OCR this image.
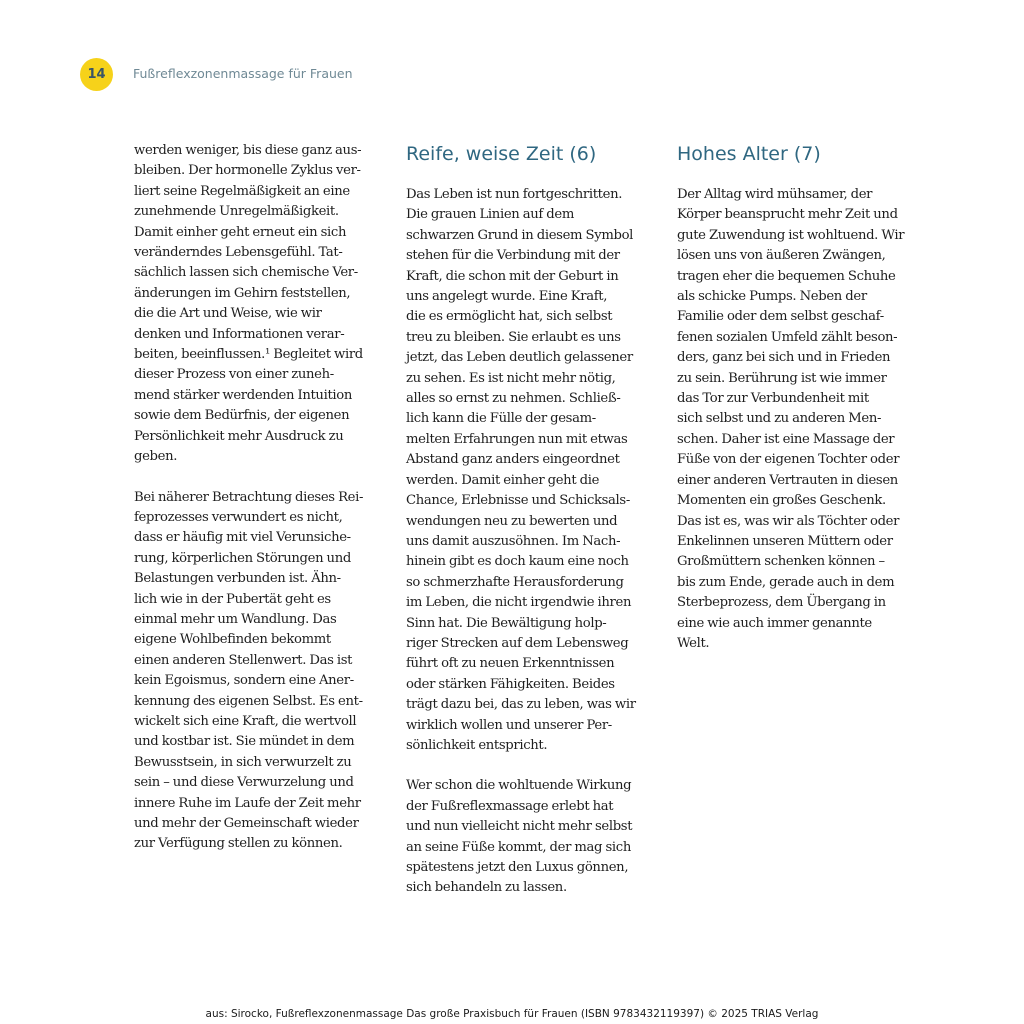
14 Fußreflexzonenmassage für Frauen

werden weniger, bis diese ganz aus-
bleiben. Der hormonelle Zyklus ver-
liert seine Regelmäßigkeit an eine
zunehmende Unregelmäßigkeit.
Damit einher geht erneut ein sich
veränderndes Lebensgefühl. Tat-
sächlich lassen sich chemische Ver-
änderungen im Gehirn feststellen,
die die Art und Weise, wie wir
denken und Informationen verar-
beiten, beeinflussen.¹ Begleitet wird
dieser Prozess von einer zuneh-
mend stärker werdenden Intuition
sowie dem Bedürfnis, der eigenen
Persönlichkeit mehr Ausdruck zu
geben.

Bei näherer Betrachtung dieses Rei-
feprozesses verwundert es nicht,
dass er häufig mit viel Verunsiche-
rung, körperlichen Störungen und
Belastungen verbunden ist. Ähn-
lich wie in der Pubertät geht es
einmal mehr um Wandlung. Das
eigene Wohlbefinden bekommt
einen anderen Stellenwert. Das ist
kein Egoismus, sondern eine Aner-
kennung des eigenen Selbst. Es ent-
wickelt sich eine Kraft, die wertvoll
und kostbar ist. Sie mündet in dem
Bewusstsein, in sich verwurzelt zu
sein – und diese Verwurzelung und
innere Ruhe im Laufe der Zeit mehr
und mehr der Gemeinschaft wieder
zur Verfügung stellen zu können.

Reife, weise Zeit (6)

Das Leben ist nun fortgeschritten.
Die grauen Linien auf dem
schwarzen Grund in diesem Symbol
stehen für die Verbindung mit der
Kraft, die schon mit der Geburt in
uns angelegt wurde. Eine Kraft,
die es ermöglicht hat, sich selbst
treu zu bleiben. Sie erlaubt es uns
jetzt, das Leben deutlich gelassener
zu sehen. Es ist nicht mehr nötig,
alles so ernst zu nehmen. Schließ-
lich kann die Fülle der gesam-
melten Erfahrungen nun mit etwas
Abstand ganz anders eingeordnet
werden. Damit einher geht die
Chance, Erlebnisse und Schicksals-
wendungen neu zu bewerten und
uns damit auszusöhnen. Im Nach-
hinein gibt es doch kaum eine noch
so schmerzhafte Herausforderung
im Leben, die nicht irgendwie ihren
Sinn hat. Die Bewältigung holp-
riger Strecken auf dem Lebensweg
führt oft zu neuen Erkenntnissen
oder stärken Fähigkeiten. Beides
trägt dazu bei, das zu leben, was wir
wirklich wollen und unserer Per-
sönlichkeit entspricht.

Wer schon die wohltuende Wirkung
der Fußreflexmassage erlebt hat
und nun vielleicht nicht mehr selbst
an seine Füße kommt, der mag sich
spätestens jetzt den Luxus gönnen,
sich behandeln zu lassen.

Hohes Alter (7)

Der Alltag wird mühsamer, der
Körper beansprucht mehr Zeit und
gute Zuwendung ist wohltuend. Wir
lösen uns von äußeren Zwängen,
tragen eher die bequemen Schuhe
als schicke Pumps. Neben der
Familie oder dem selbst geschaf-
fenen sozialen Umfeld zählt beson-
ders, ganz bei sich und in Frieden
zu sein. Berührung ist wie immer
das Tor zur Verbundenheit mit
sich selbst und zu anderen Men-
schen. Daher ist eine Massage der
Füße von der eigenen Tochter oder
einer anderen Vertrauten in diesen
Momenten ein großes Geschenk.
Das ist es, was wir als Töchter oder
Enkelinnen unseren Müttern oder
Großmüttern schenken können –
bis zum Ende, gerade auch in dem
Sterbeprozess, dem Übergang in
eine wie auch immer genannte
Welt.

aus: Sirocko, Fußreflexzonenmassage Das große Praxisbuch für Frauen (ISBN 9783432119397) © 2025 TRIAS Verlag
